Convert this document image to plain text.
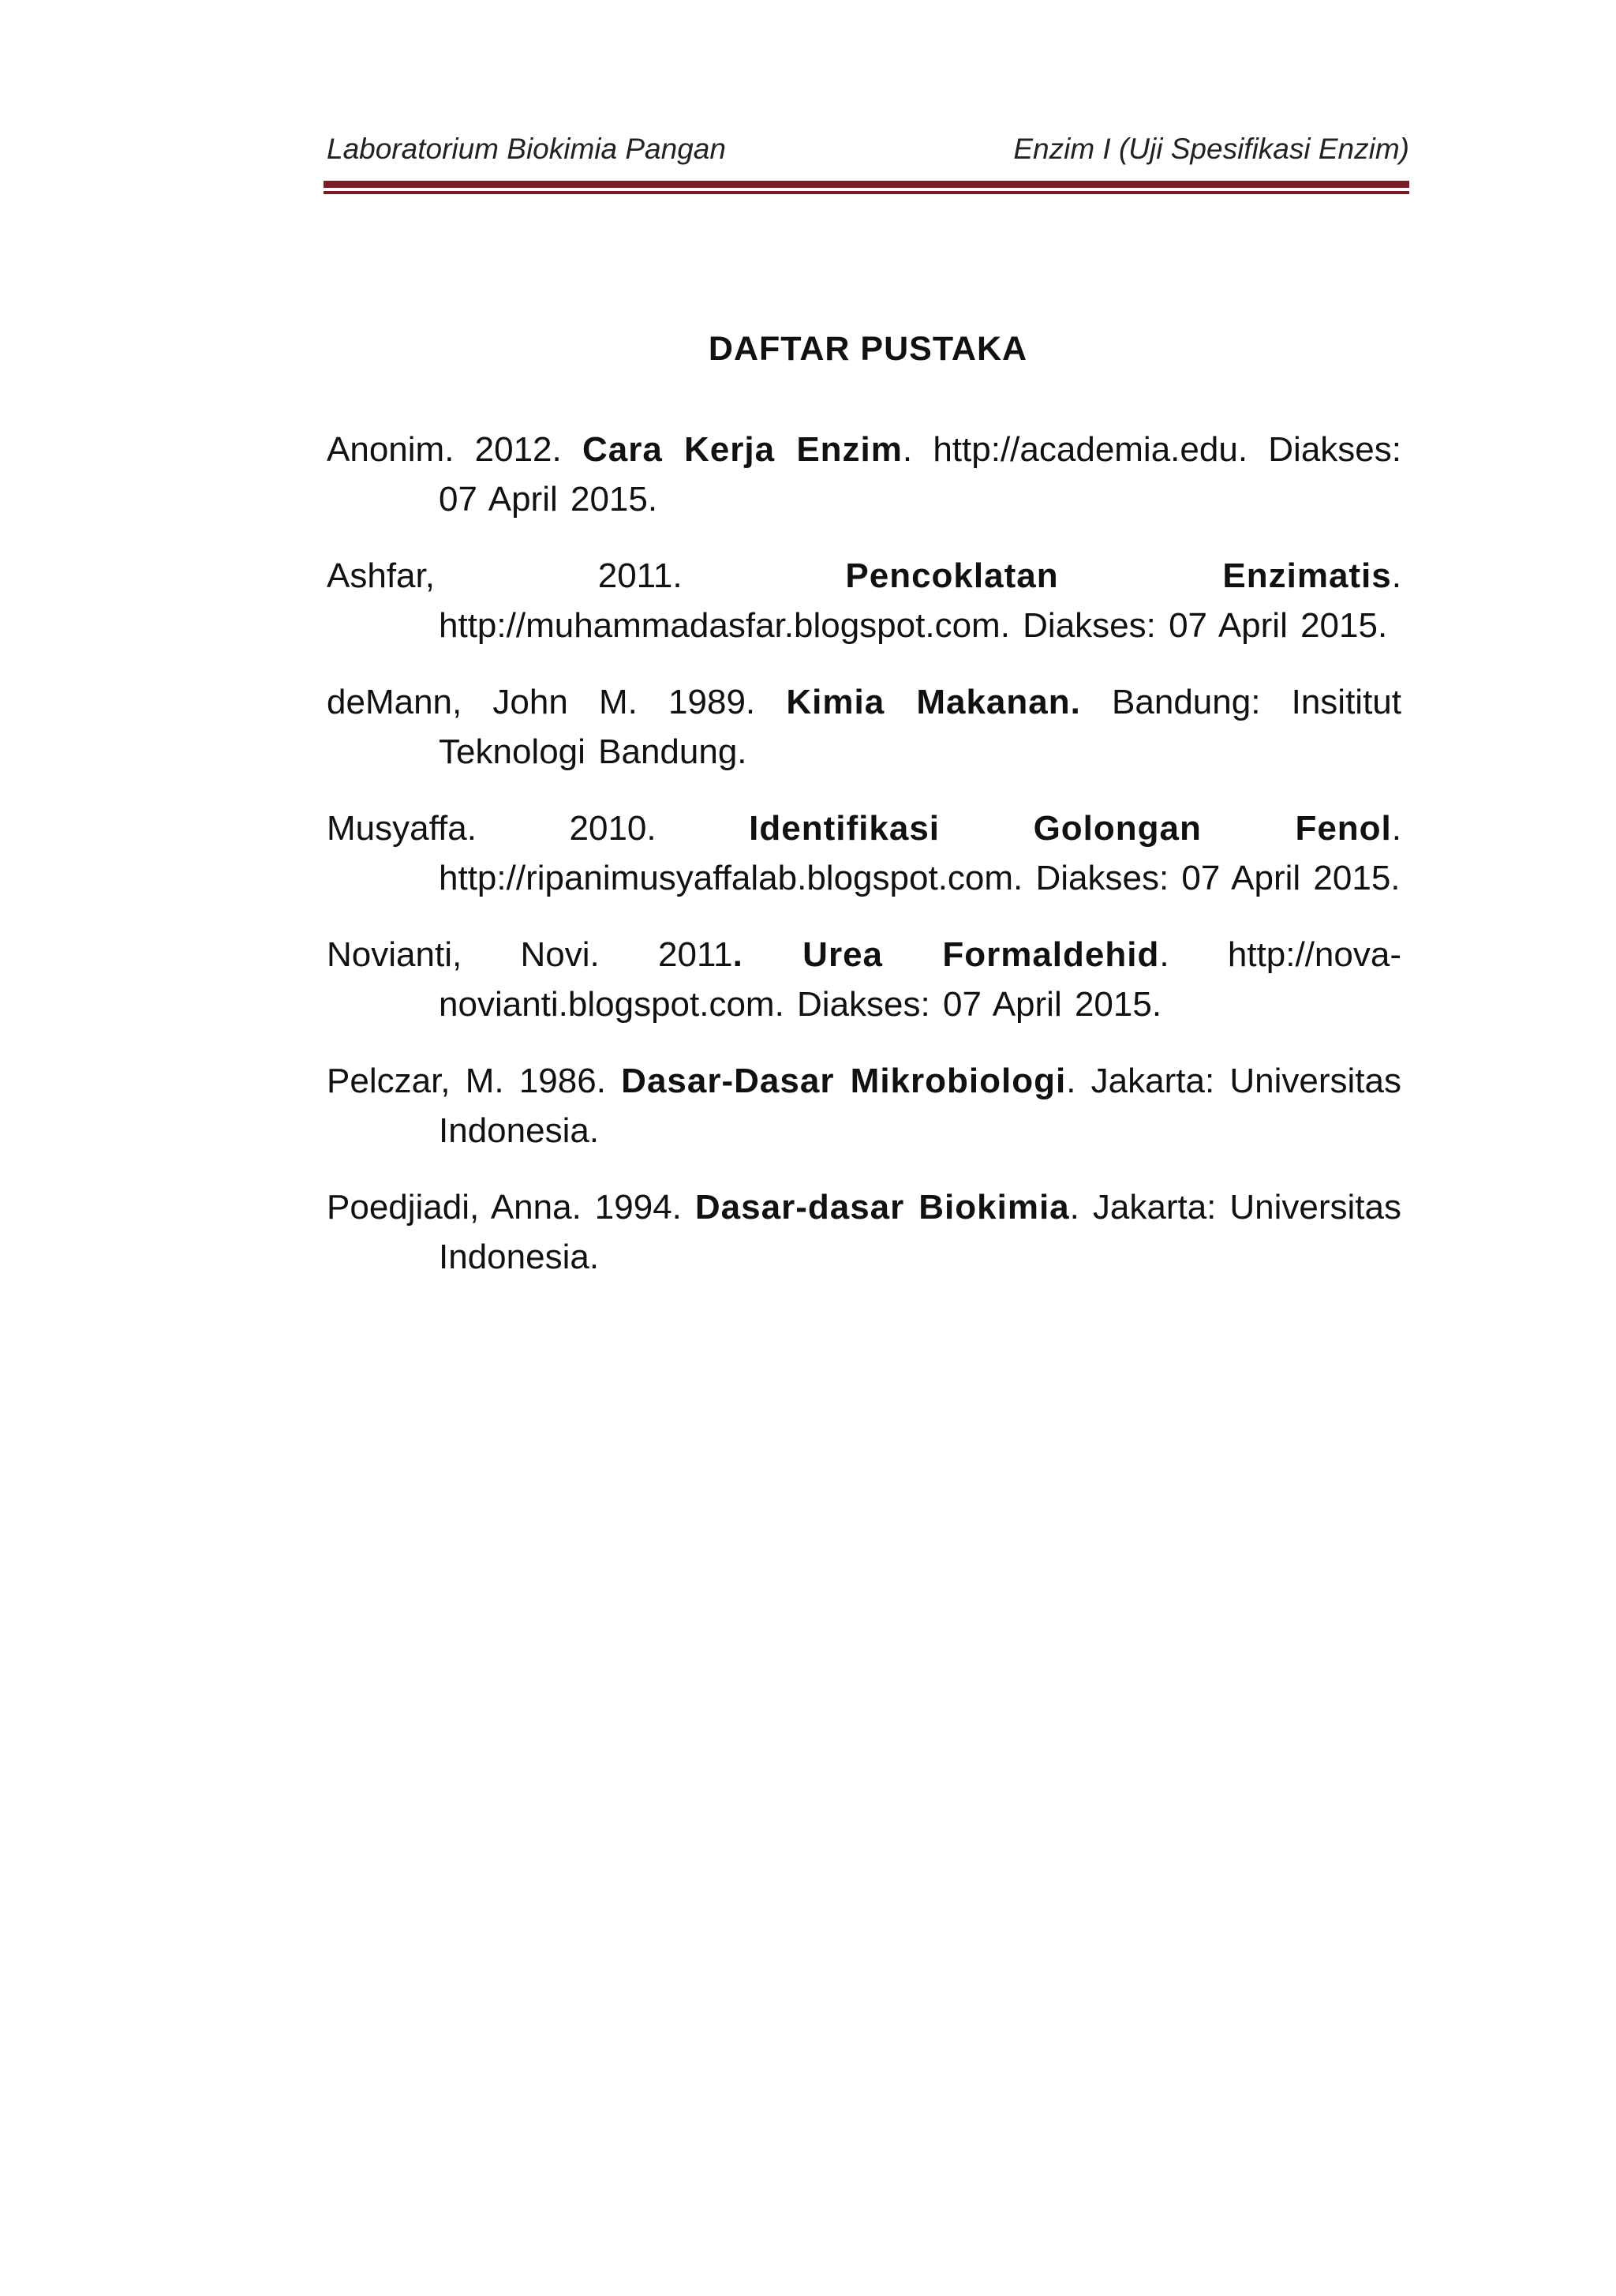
Laboratorium Biokimia Pangan	Enzim I (Uji Spesifikasi Enzim)
DAFTAR PUSTAKA
Anonim. 2012. Cara Kerja Enzim. http://academia.edu. Diakses: 07 April 2015.
Ashfar, 2011. Pencoklatan Enzimatis. http://muhammadasfar.blogspot.com. Diakses: 07 April 2015.
deMann, John M. 1989. Kimia Makanan. Bandung: Insititut Teknologi Bandung.
Musyaffa. 2010. Identifikasi Golongan Fenol. http://ripanimusyaffalab.blogspot.com. Diakses: 07 April 2015.
Novianti, Novi. 2011. Urea Formaldehid. http://nova-novianti.blogspot.com. Diakses: 07 April 2015.
Pelczar, M. 1986. Dasar-Dasar Mikrobiologi. Jakarta: Universitas Indonesia.
Poedjiadi, Anna. 1994. Dasar-dasar Biokimia. Jakarta: Universitas Indonesia.
